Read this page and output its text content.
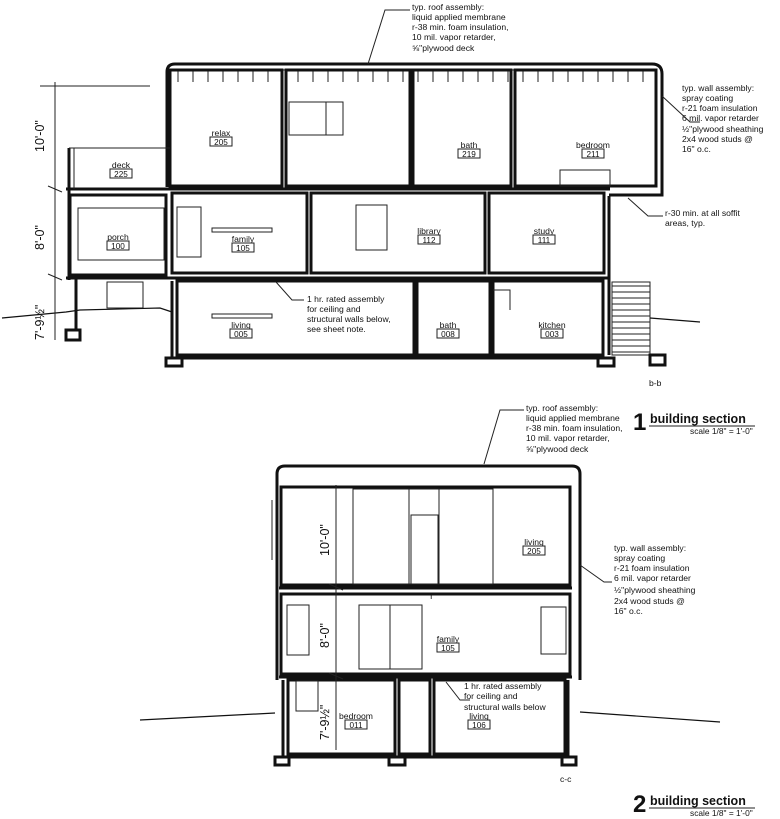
10'-0"
8'-0"
7'-9½"
relax
205	bath
219
bedroom
211
deck
225
porch
100
family
105
library
112
study
111
living
005
bath
008
kitchen
003
typ. roof assembly:
liquid applied membrane
r-38 min. foam insulation,
10 mil. vapor retarder,
⅝"plywood deck
typ. wall assembly:
spray coating
r-21 foam insulation
6 mil. vapor retarder
½"plywood sheathing
2x4 wood studs @
16" o.c.
r-30 min. at all soffit
areas, typ.
1 hr. rated assembly
for ceiling and
structural walls below,
see sheet note.
b-b
1 building section
scale 1/8" = 1'-0"
I
10'-0"
8'-0"
7'-9½"
living
205
family
105
bedroom
011
living
106
typ. roof assembly:
liquid applied membrane
r-38 min. foam insulation,
10 mil. vapor retarder,
⅝"plywood deck
typ. wall assembly:
spray coating
r-21 foam insulation
6 mil. vapor retarder
½"plywood sheathing
2x4 wood studs @
16" o.c.
1 hr. rated assembly
for ceiling and
structural walls below
c-c
2 building section
scale 1/8" = 1'-0"
